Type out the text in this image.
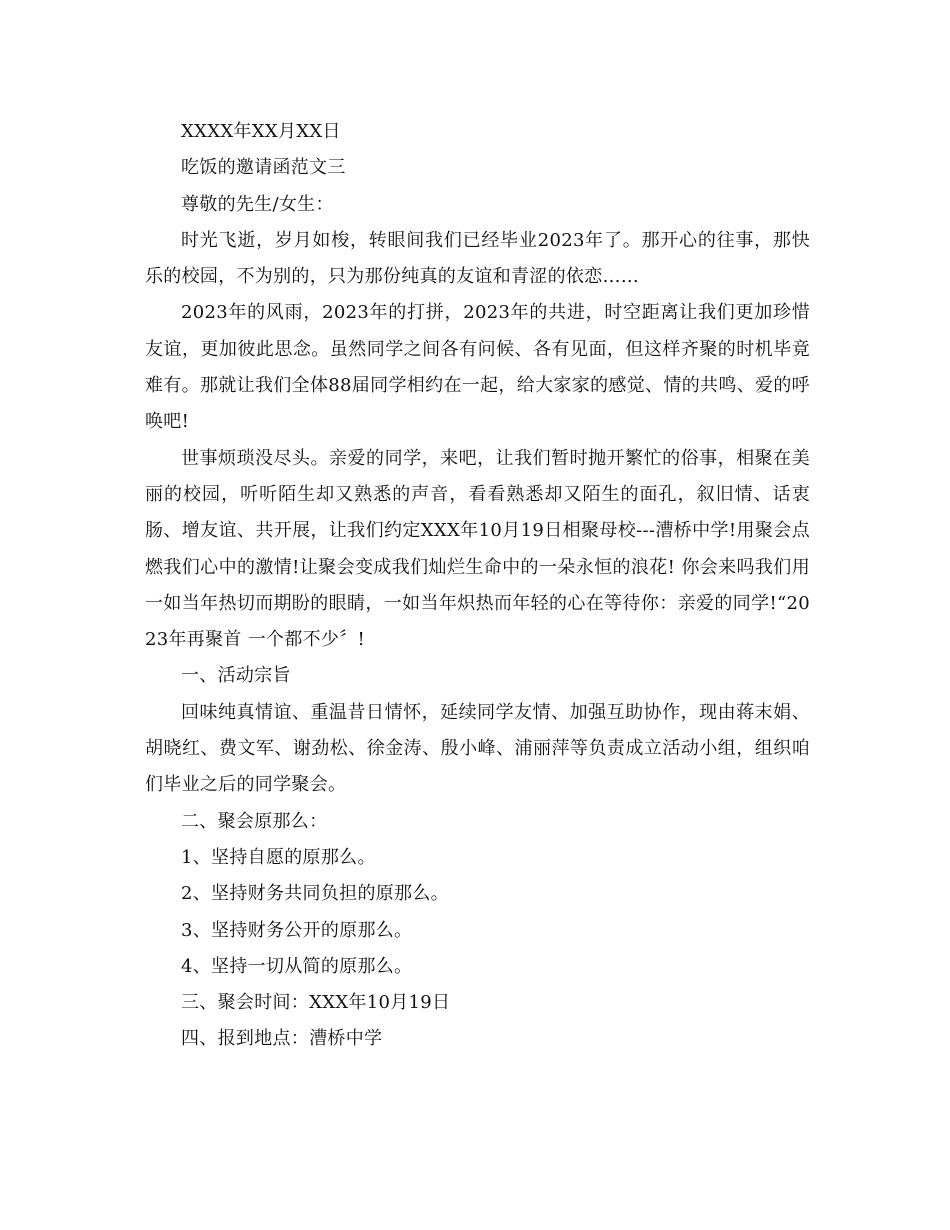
XXXX年XX月XX日

吃饭的邀请函范文三

尊敬的先生/女生：

时光飞逝，岁月如梭，转眼间我们已经毕业2023年了。那开心的往事，那快乐的校园，不为别的，只为那份纯真的友谊和青涩的依恋……

2023年的风雨，2023年的打拼，2023年的共进，时空距离让我们更加珍惜友谊，更加彼此思念。虽然同学之间各有问候、各有见面，但这样齐聚的时机毕竟难有。那就让我们全体88届同学相约在一起，给大家家的感觉、情的共鸣、爱的呼唤吧!

世事烦琐没尽头。亲爱的同学，来吧，让我们暂时抛开繁忙的俗事，相聚在美丽的校园，听听陌生却又熟悉的声音，看看熟悉却又陌生的面孔，叙旧情、话衷肠、增友谊、共开展，让我们约定XXX年10月19日相聚母校---漕桥中学!用聚会点燃我们心中的激情!让聚会变成我们灿烂生命中的一朵永恒的浪花! 你会来吗我们用一如当年热切而期盼的眼睛，一如当年炽热而年轻的心在等待你：亲爱的同学!“2023年再聚首 一个都不少〞!

一、活动宗旨

回味纯真情谊、重温昔日情怀，延续同学友情、加强互助协作，现由蒋末娟、胡晓红、费文军、谢劲松、徐金涛、殷小峰、浦丽萍等负责成立活动小组，组织咱们毕业之后的同学聚会。

二、聚会原那么：

1、坚持自愿的原那么。

2、坚持财务共同负担的原那么。

3、坚持财务公开的原那么。

4、坚持一切从简的原那么。

三、聚会时间：XXX年10月19日

四、报到地点：漕桥中学
